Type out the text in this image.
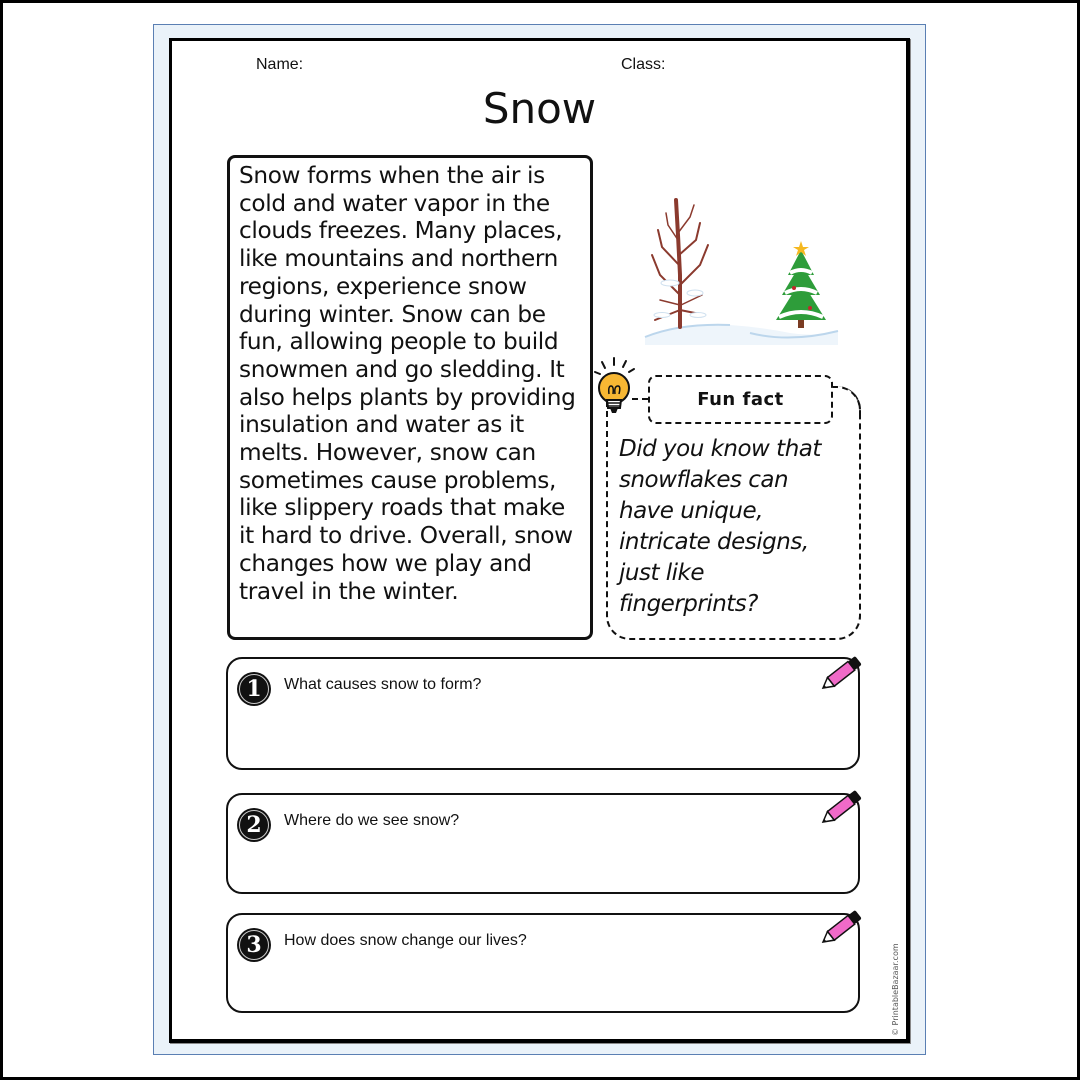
Name:	Class:
Snow
Snow forms when the air is
cold and water vapor in the
clouds freezes. Many places,
like mountains and northern
regions, experience snow
during winter. Snow can be
fun, allowing people to build
snowmen and go sledding. It
also helps plants by providing
insulation and water as it
melts. However, snow can
sometimes cause problems,
like slippery roads that make
it hard to drive. Overall, snow
changes how we play and
travel in the winter.
Fun fact
Did you know that
snowflakes can
have unique,
intricate designs,
just like
fingerprints?
1 What causes snow to form?
2 Where do we see snow?
3 How does snow change our lives?
© PrintableBazaar.com
